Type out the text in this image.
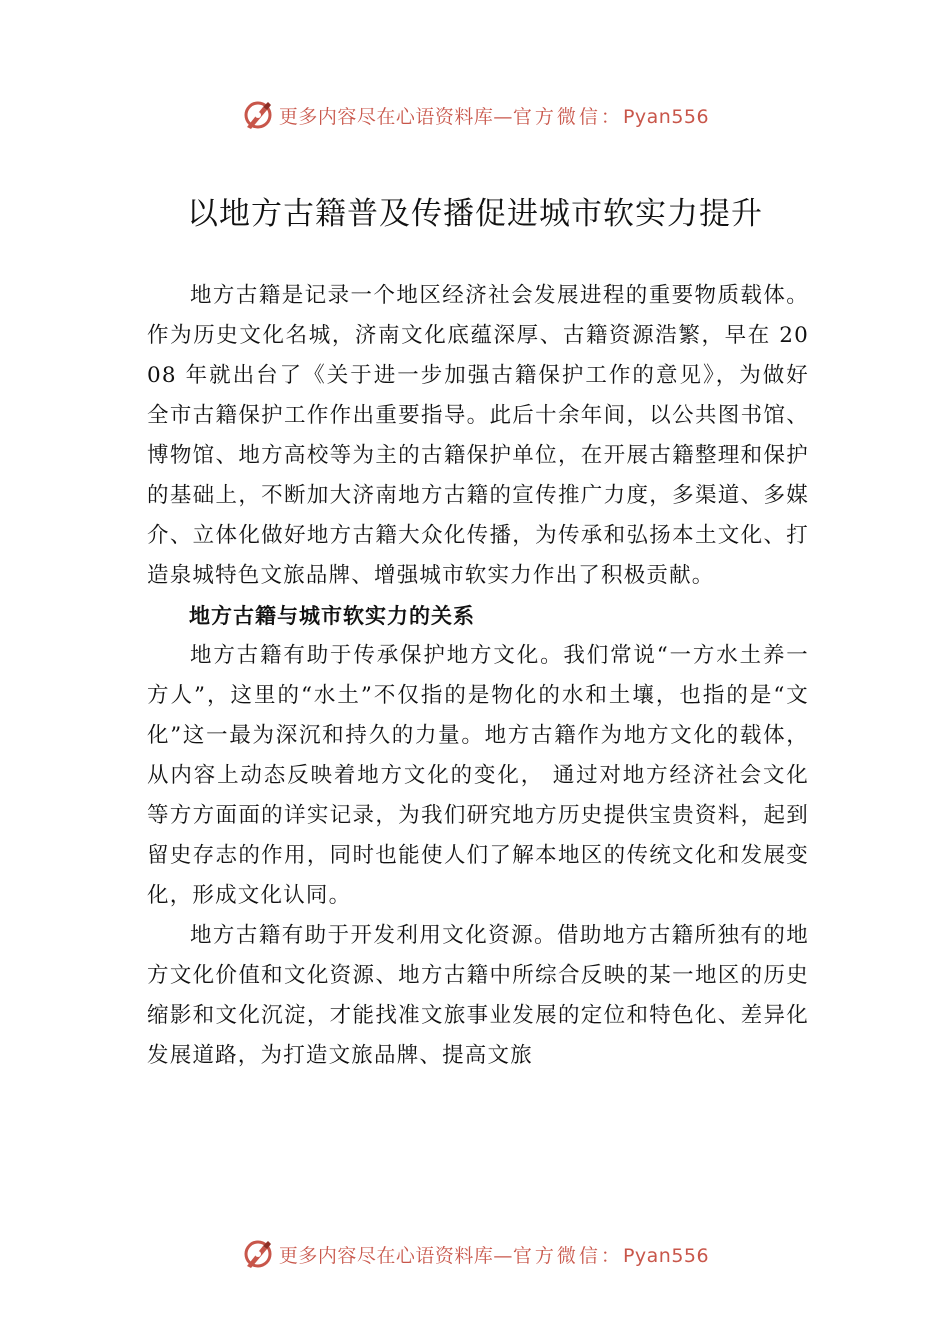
更多内容尽在心语资料库—官方微信：Pyan556
以地方古籍普及传播促进城市软实力提升

地方古籍是记录一个地区经济社会发展进程的重要物质载体。作为历史文化名城，济南文化底蕴深厚、古籍资源浩繁，早在 2008 年就出台了《关于进一步加强古籍保护工作的意见》，为做好全市古籍保护工作作出重要指导。此后十余年间，以公共图书馆、博物馆、地方高校等为主的古籍保护单位，在开展古籍整理和保护的基础上，不断加大济南地方古籍的宣传推广力度，多渠道、多媒介、立体化做好地方古籍大众化传播，为传承和弘扬本土文化、打造泉城特色文旅品牌、增强城市软实力作出了积极贡献。

地方古籍与城市软实力的关系

地方古籍有助于传承保护地方文化。我们常说“一方水土养一方人”，这里的“水土”不仅指的是物化的水和土壤，也指的是“文化”这一最为深沉和持久的力量。地方古籍作为地方文化的载体，从内容上动态反映着地方文化的变化， 通过对地方经济社会文化等方方面面的详实记录，为我们研究地方历史提供宝贵资料，起到留史存志的作用，同时也能使人们了解本地区的传统文化和发展变化，形成文化认同。

地方古籍有助于开发利用文化资源。借助地方古籍所独有的地方文化价值和文化资源、地方古籍中所综合反映的某一地区的历史缩影和文化沉淀，才能找准文旅事业发展的定位和特色化、差异化发展道路，为打造文旅品牌、提高文旅

更多内容尽在心语资料库—官方微信：Pyan556
